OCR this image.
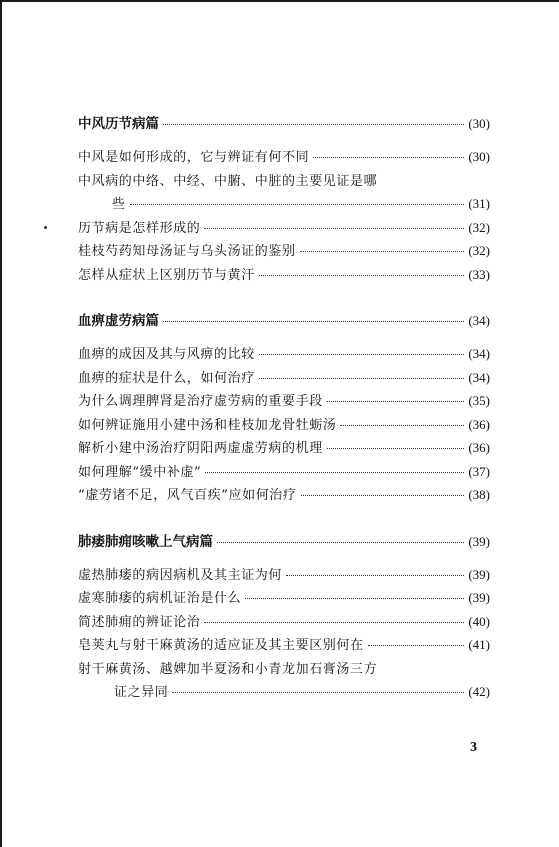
中风历节病篇	(30)
中风是如何形成的，它与辨证有何不同	(30)
中风病的中络、中经、中腑、中脏的主要见证是哪
些	(31)
历节病是怎样形成的	(32)
桂枝芍药知母汤证与乌头汤证的鉴别	(32)
怎样从症状上区别历节与黄汗	(33)
血痹虚劳病篇	(34)
血痹的成因及其与风痹的比较	(34)
血痹的症状是什么，如何治疗	(34)
为什么调理脾肾是治疗虚劳病的重要手段	(35)
如何辨证施用小建中汤和桂枝加龙骨牡蛎汤	(36)
解析小建中汤治疗阴阳两虚虚劳病的机理	(36)
如何理解“缓中补虚”	(37)
“虚劳诸不足，风气百疾”应如何治疗	(38)
肺痿肺痈咳嗽上气病篇	(39)
虚热肺痿的病因病机及其主证为何	(39)
虚寒肺痿的病机证治是什么	(39)
简述肺痈的辨证论治	(40)
皂荚丸与射干麻黄汤的适应证及其主要区别何在	(41)
射干麻黄汤、越婢加半夏汤和小青龙加石膏汤三方
证之异同	(42)
3
